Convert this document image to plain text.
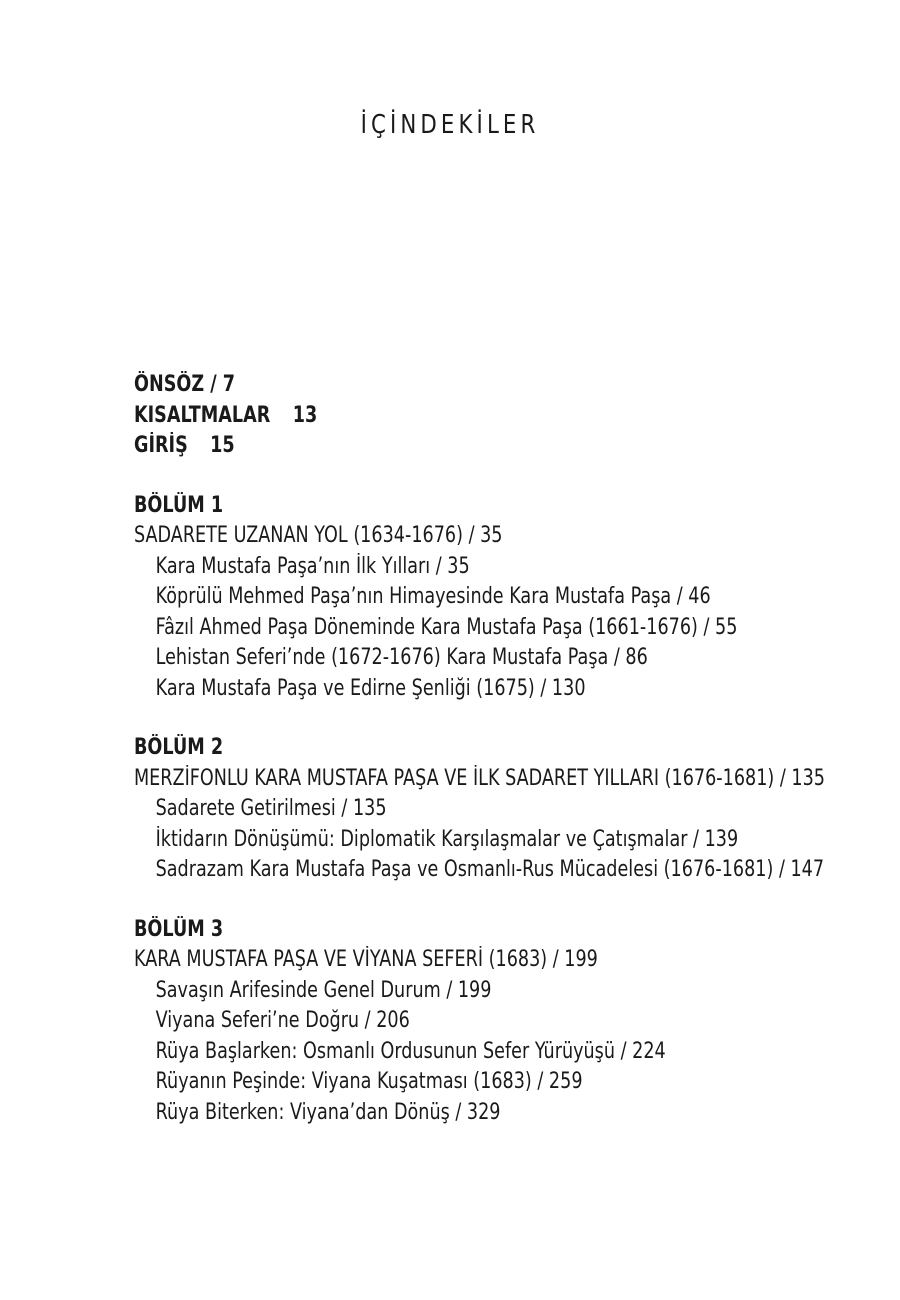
İÇİNDEKİLER
ÖNSÖZ / 7
KISALTMALAR 13
GİRİŞ 15
BÖLÜM 1
SADARETE UZANAN YOL (1634-1676) / 35
Kara Mustafa Paşa’nın İlk Yılları / 35
Köprülü Mehmed Paşa’nın Himayesinde Kara Mustafa Paşa / 46
Fâzıl Ahmed Paşa Döneminde Kara Mustafa Paşa (1661-1676) / 55
Lehistan Seferi’nde (1672-1676) Kara Mustafa Paşa / 86
Kara Mustafa Paşa ve Edirne Şenliği (1675) / 130
BÖLÜM 2
MERZİFONLU KARA MUSTAFA PAŞA VE İLK SADARET YILLARI (1676-1681) / 135
Sadarete Getirilmesi / 135
İktidarın Dönüşümü: Diplomatik Karşılaşmalar ve Çatışmalar / 139
Sadrazam Kara Mustafa Paşa ve Osmanlı-Rus Mücadelesi (1676-1681) / 147
BÖLÜM 3
KARA MUSTAFA PAŞA VE VİYANA SEFERİ (1683) / 199
Savaşın Arifesinde Genel Durum / 199
Viyana Seferi’ne Doğru / 206
Rüya Başlarken: Osmanlı Ordusunun Sefer Yürüyüşü / 224
Rüyanın Peşinde: Viyana Kuşatması (1683) / 259
Rüya Biterken: Viyana’dan Dönüş / 329
